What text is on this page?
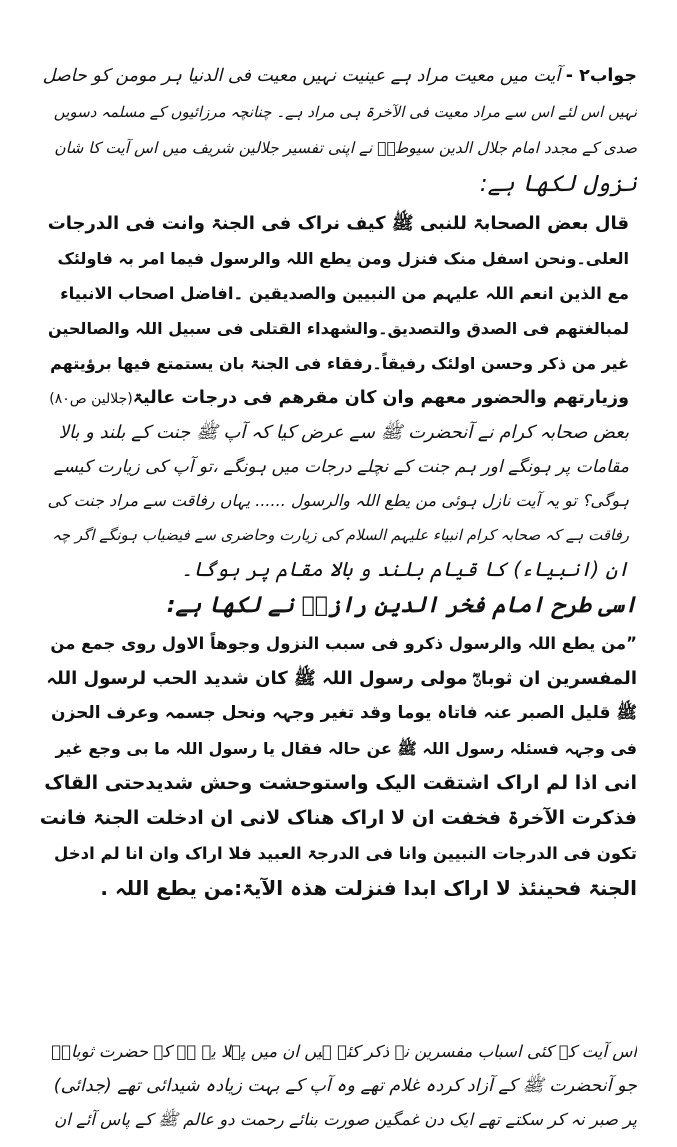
جواب۲ - آیت میں معیت مراد ہے عینیت نہیں معیت فی الدنیا ہر مومن کو حاصل
نہیں اس لئے اس سے مراد معیت فی الآخرۃ ہی مراد ہے۔ چنانچہ مرزائیوں کے مسلمہ دسویں
صدی کے مجدد امام جلال الدین سیوطیؒ نے اپنی تفسیر جلالین شریف میں اس آیت کا شان
نزول لکھا ہے:
قال بعض الصحابۃ للنبی ﷺ کیف نراک فی الجنۃ وانت فی الدرجات
العلی۔ونحن اسفل منک فنزل ومن یطع اللہ والرسول فیما امر بہ فاولئک
مع الذین انعم اللہ علیہم من النبیین والصدیقین ۔افاضل اصحاب الانبیاء
لمبالغتھم فی الصدق والتصدیق۔والشھداء القتلی فی سبیل اللہ والصالحین
غیر من ذکر وحسن اولئک رفیقاً۔رفقاء فی الجنۃ بان یستمتع فیھا برؤیتھم
وزیارتھم والحضور معھم وان کان مقرھم فی درجات عالیۃ(جلالین ص۸۰)
بعض صحابہ کرام نے آنحضرت ﷺ سے عرض کیا کہ آپ ﷺ جنت کے بلند و بالا
مقامات پر ہونگے اور ہم جنت کے نچلے درجات میں ہونگے ،تو آپ کی زیارت کیسے
ہوگی؟ تو یہ آیت نازل ہوئی من یطع اللہ والرسول ...... یہاں رفاقت سے مراد جنت کی
رفاقت ہے کہ صحابہ کرام انبیاء علیہم السلام کی زیارت وحاضری سے فیضیاب ہونگے اگر چہ
ان (انبیاء) کا قیام بلند و بالا مقام پر ہوگا۔
اسی طرح امام فخر الدین رازیؒ نے لکھا ہے:
”من یطع اللہ والرسول ذکرو فی سبب النزول وجوھاً الاول روی جمع من
المفسرین ان ثوبانؓ مولی رسول اللہ ﷺ کان شدید الحب لرسول اللہ
ﷺ قلیل الصبر عنہ فاتاہ یوما وقد تغیر وجہہ ونحل جسمہ وعرف الحزن
فی وجہہ فسئلہ رسول اللہ ﷺ عن حالہ فقال یا رسول اللہ ما بی وجع غیر
انی اذا لم اراک اشتقت الیک واستوحشت وحش شدیدحتی القاک
فذکرت الآخرۃ فخفت ان لا اراک ھناک لانی ان ادخلت الجنۃ فانت
تکون فی الدرجات النبیین وانا فی الدرجۃ العبید فلا اراک وان انا لم ادخل
الجنۃ فحینئذ لا اراک ابدا فنزلت ھذہ الآیۃ:من یطع اللہ .
اس آیت کے کئی اسباب مفسرین نے ذکر کئے ہیں ان میں پہلا یہ ہے کہ حضرت ثوبانؓ
جو آنحضرت ﷺ کے آزاد کردہ غلام تھے وہ آپ کے بہت زیادہ شیدائی تھے (جدائی)
پر صبر نہ کر سکتے تھے ایک دن غمگین صورت بنائے رحمت دو عالم ﷺ کے پاس آئے ان
